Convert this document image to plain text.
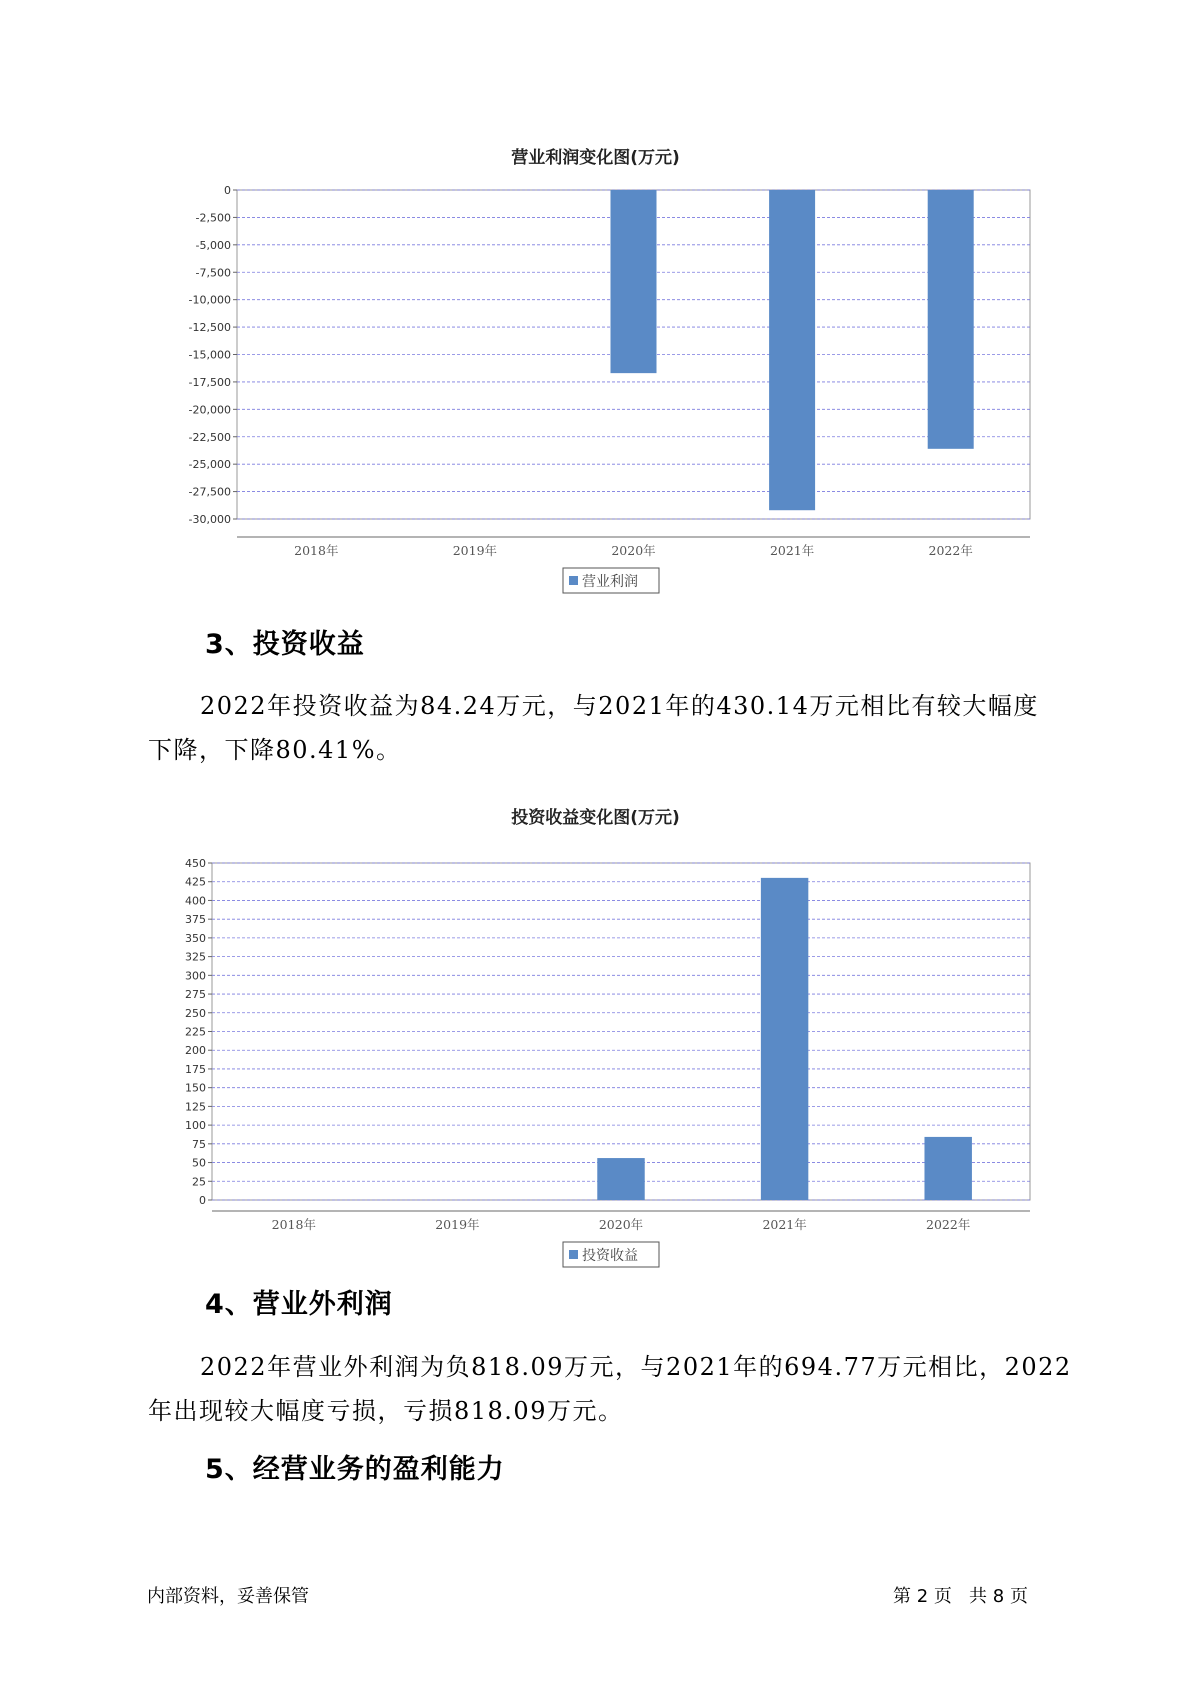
营业利润变化图(万元)
0
-2,500
-5,000
-7,500
-10,000
-12,500
-15,000
-17,500
-20,000
-22,500
-25,000
-27,500
-30,000
2018年	2019年	2020年	2021年	2022年
营业利润
3、投资收益
2022年投资收益为84.24万元，与2021年的430.14万元相比有较大幅度
下降，下降80.41%。
投资收益变化图(万元)
0
25
50
75
100
125
150
175
200
225
250
275
300
325
350
375
400
425
450
2018年	2019年	2020年	2021年	2022年
投资收益
4、营业外利润
2022年营业外利润为负818.09万元，与2021年的694.77万元相比，2022
年出现较大幅度亏损，亏损818.09万元。
5、经营业务的盈利能力
内部资料，妥善保管	第 2 页   共 8 页
